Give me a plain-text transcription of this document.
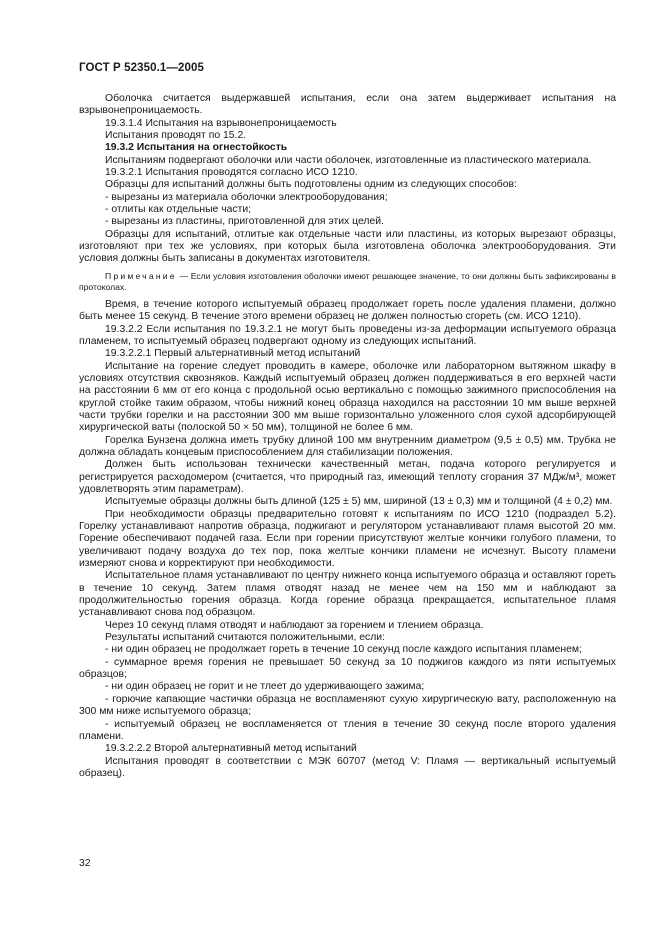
ГОСТ Р 52350.1—2005

Оболочка считается выдержавшей испытания, если она затем выдерживает испытания на взрывонепроницаемость.

19.3.1.4 Испытания на взрывонепроницаемость

Испытания проводят по 15.2.

19.3.2 Испытания на огнестойкость

Испытаниям подвергают оболочки или части оболочек, изготовленные из пластического материала.

19.3.2.1 Испытания проводятся согласно ИСО 1210.

Образцы для испытаний должны быть подготовлены одним из следующих способов:

- вырезаны из материала оболочки электрооборудования;

- отлиты как отдельные части;

- вырезаны из пластины, приготовленной для этих целей.

Образцы для испытаний, отлитые как отдельные части или пластины, из которых вырезают образцы, изготовляют при тех же условиях, при которых была изготовлена оболочка электрооборудования. Эти условия должны быть записаны в документах изготовителя.

Примечание — Если условия изготовления оболочки имеют решающее значение, то они должны быть зафиксированы в протоколах.

Время, в течение которого испытуемый образец продолжает гореть после удаления пламени, должно быть менее 15 секунд. В течение этого времени образец не должен полностью сгореть (см. ИСО 1210).

19.3.2.2 Если испытания по 19.3.2.1 не могут быть проведены из-за деформации испытуемого образца пламенем, то испытуемый образец подвергают одному из следующих испытаний.

19.3.2.2.1 Первый альтернативный метод испытаний

Испытание на горение следует проводить в камере, оболочке или лабораторном вытяжном шкафу в условиях отсутствия сквозняков. Каждый испытуемый образец должен поддерживаться в его верхней части на расстоянии 6 мм от его конца с продольной осью вертикально с помощью зажимного приспособления на круглой стойке таким образом, чтобы нижний конец образца находился на расстоянии 10 мм выше верхней части трубки горелки и на расстоянии 300 мм выше горизонтально уложенного слоя сухой адсорбирующей хирургической ваты (полоской 50 × 50 мм), толщиной не более 6 мм.

Горелка Бунзена должна иметь трубку длиной 100 мм внутренним диаметром (9,5 ± 0,5) мм. Трубка не должна обладать концевым приспособлением для стабилизации положения.

Должен быть использован технически качественный метан, подача которого регулируется и регистрируется расходомером (считается, что природный газ, имеющий теплоту сгорания 37 МДж/м³, может удовлетворять этим параметрам).

Испытуемые образцы должны быть длиной (125 ± 5) мм, шириной (13 ± 0,3) мм и толщиной (4 ± 0,2) мм.

При необходимости образцы предварительно готовят к испытаниям по ИСО 1210 (подраздел 5.2). Горелку устанавливают напротив образца, поджигают и регулятором устанавливают пламя высотой 20 мм. Горение обеспечивают подачей газа. Если при горении присутствуют желтые кончики голубого пламени, то увеличивают подачу воздуха до тех пор, пока желтые кончики пламени не исчезнут. Высоту пламени измеряют снова и корректируют при необходимости.

Испытательное пламя устанавливают по центру нижнего конца испытуемого образца и оставляют гореть в течение 10 секунд. Затем пламя отводят назад не менее чем на 150 мм и наблюдают за продолжительностью горения образца. Когда горение образца прекращается, испытательное пламя устанавливают снова под образцом.

Через 10 секунд пламя отводят и наблюдают за горением и тлением образца.

Результаты испытаний считаются положительными, если:

- ни один образец не продолжает гореть в течение 10 секунд после каждого испытания пламенем;

- суммарное время горения не превышает 50 секунд за 10 поджигов каждого из пяти испытуемых образцов;

- ни один образец не горит и не тлеет до удерживающего зажима;

- горючие капающие частички образца не воспламеняют сухую хирургическую вату, расположенную на 300 мм ниже испытуемого образца;

- испытуемый образец не воспламеняется от тления в течение 30 секунд после второго удаления пламени.

19.3.2.2.2 Второй альтернативный метод испытаний

Испытания проводят в соответствии с МЭК 60707 (метод V: Пламя — вертикальный испытуемый образец).

32
